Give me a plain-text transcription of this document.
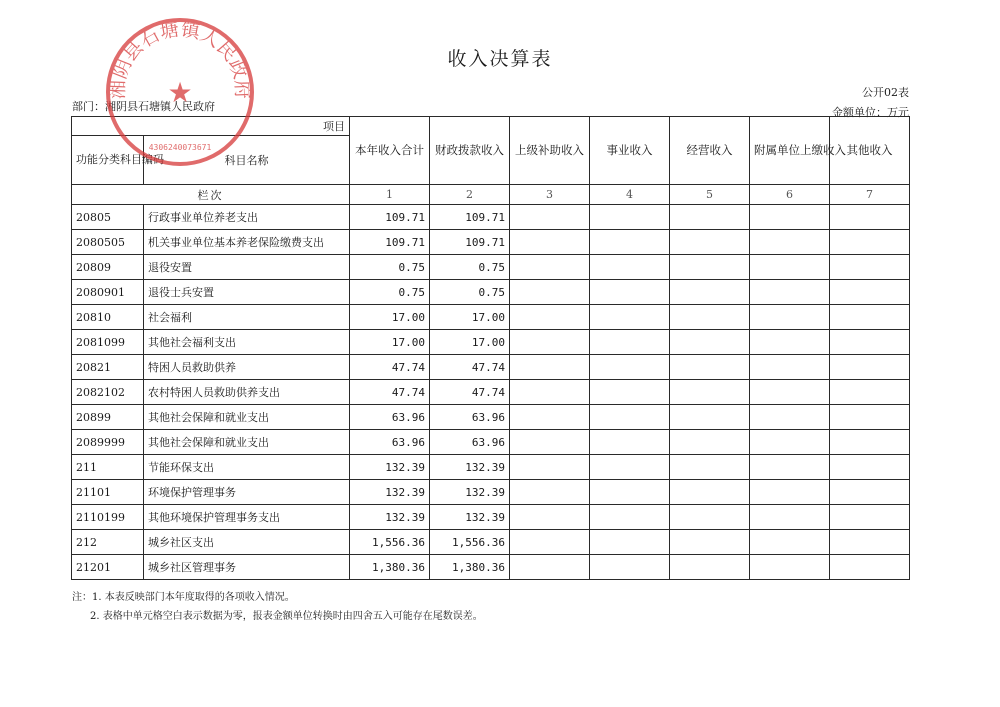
收入决算表
公开02表
部门：湘阴县石塘镇人民政府	金额单位：万元
项目		本年收入合计	财政拨款收入	上级补助收入	事业收入	经营收入	附属单位上缴收入	其他收入
功能分类科目编码	科目名称							
栏次		1	2	3	4	5	6	7
20805	行政事业单位养老支出	109.71	109.71					
2080505	机关事业单位基本养老保险缴费支出	109.71	109.71					
20809	退役安置	0.75	0.75					
2080901	退役士兵安置	0.75	0.75					
20810	社会福利	17.00	17.00					
2081099	其他社会福利支出	17.00	17.00					
20821	特困人员救助供养	47.74	47.74					
2082102	农村特困人员救助供养支出	47.74	47.74					
20899	其他社会保障和就业支出	63.96	63.96					
2089999	其他社会保障和就业支出	63.96	63.96					
211	节能环保支出	132.39	132.39					
21101	环境保护管理事务	132.39	132.39					
2110199	其他环境保护管理事务支出	132.39	132.39					
212	城乡社区支出	1,556.36	1,556.36					
21201	城乡社区管理事务	1,380.36	1,380.36					
注：1. 本表反映部门本年度取得的各项收入情况。
2. 表格中单元格空白表示数据为零，报表金额单位转换时由四舍五入可能存在尾数误差。
湘阴县石塘镇人民政府
★
4306240073671
